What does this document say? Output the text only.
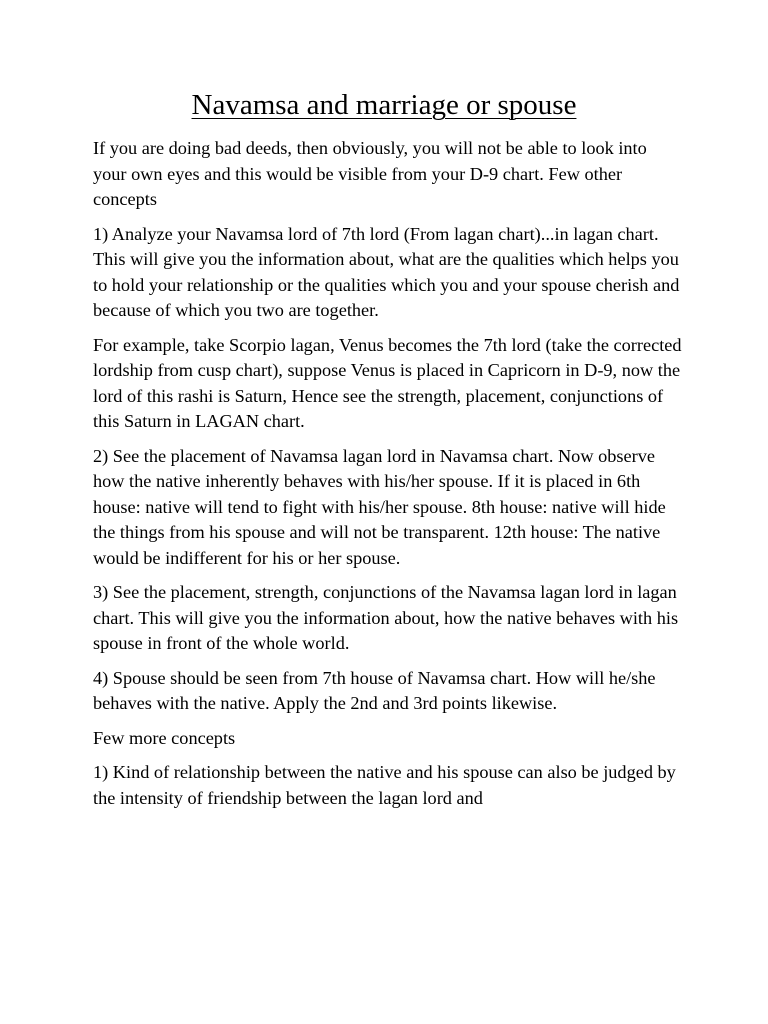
Navamsa and marriage or spouse

If you are doing bad deeds, then obviously, you will not be able to look into your own eyes and this would be visible from your D-9 chart. Few other concepts

1) Analyze your Navamsa lord of 7th lord (From lagan chart)...in lagan chart. This will give you the information about, what are the qualities which helps you to hold your relationship or the qualities which you and your spouse cherish and because of which you two are together.

For example, take Scorpio lagan, Venus becomes the 7th lord (take the corrected lordship from cusp chart), suppose Venus is placed in Capricorn in D-9, now the lord of this rashi is Saturn, Hence see the strength, placement, conjunctions of this Saturn in LAGAN chart.

2) See the placement of Navamsa lagan lord in Navamsa chart. Now observe how the native inherently behaves with his/her spouse. If it is placed in 6th house: native will tend to fight with his/her spouse. 8th house: native will hide the things from his spouse and will not be transparent. 12th house: The native would be indifferent for his or her spouse.

3) See the placement, strength, conjunctions of the Navamsa lagan lord in lagan chart. This will give you the information about, how the native behaves with his spouse in front of the whole world.

4) Spouse should be seen from 7th house of Navamsa chart. How will he/she behaves with the native. Apply the 2nd and 3rd points likewise.

Few more concepts

1) Kind of relationship between the native and his spouse can also be judged by the intensity of friendship between the lagan lord and
